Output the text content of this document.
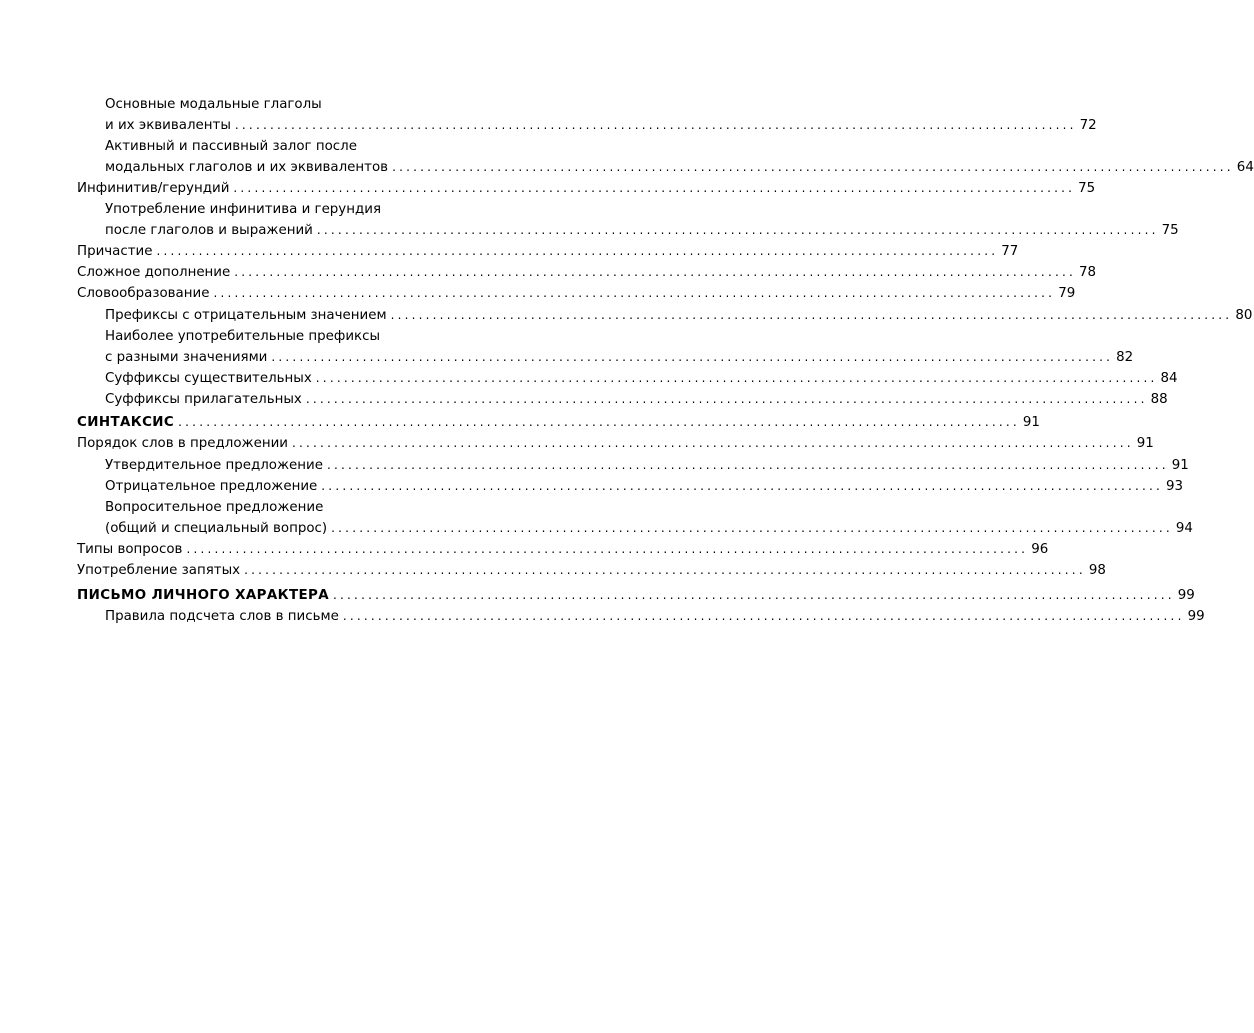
Основные модальные глаголы
и их эквиваленты ........................................................................................................................ 72
Активный и пассивный залог после
модальных глаголов и их эквивалентов ........................................................................................................................ 64
Инфинитив/герундий ........................................................................................................................ 75
Употребление инфинитива и герундия
после глаголов и выражений ........................................................................................................................ 75
Причастие ........................................................................................................................ 77
Сложное дополнение ........................................................................................................................ 78
Словообразование ........................................................................................................................ 79
Префиксы с отрицательным значением ........................................................................................................................ 80
Наиболее употребительные префиксы
с разными значениями ........................................................................................................................ 82
Суффиксы существительных ........................................................................................................................ 84
Суффиксы прилагательных ........................................................................................................................ 88
СИНТАКСИС ........................................................................................................................ 91
Порядок слов в предложении ........................................................................................................................ 91
Утвердительное предложение ........................................................................................................................ 91
Отрицательное предложение ........................................................................................................................ 93
Вопросительное предложение
(общий и специальный вопрос) ........................................................................................................................ 94
Типы вопросов ........................................................................................................................ 96
Употребление запятых ........................................................................................................................ 98
ПИСЬМО ЛИЧНОГО ХАРАКТЕРА ........................................................................................................................ 99
Правила подсчета слов в письме ........................................................................................................................ 99
